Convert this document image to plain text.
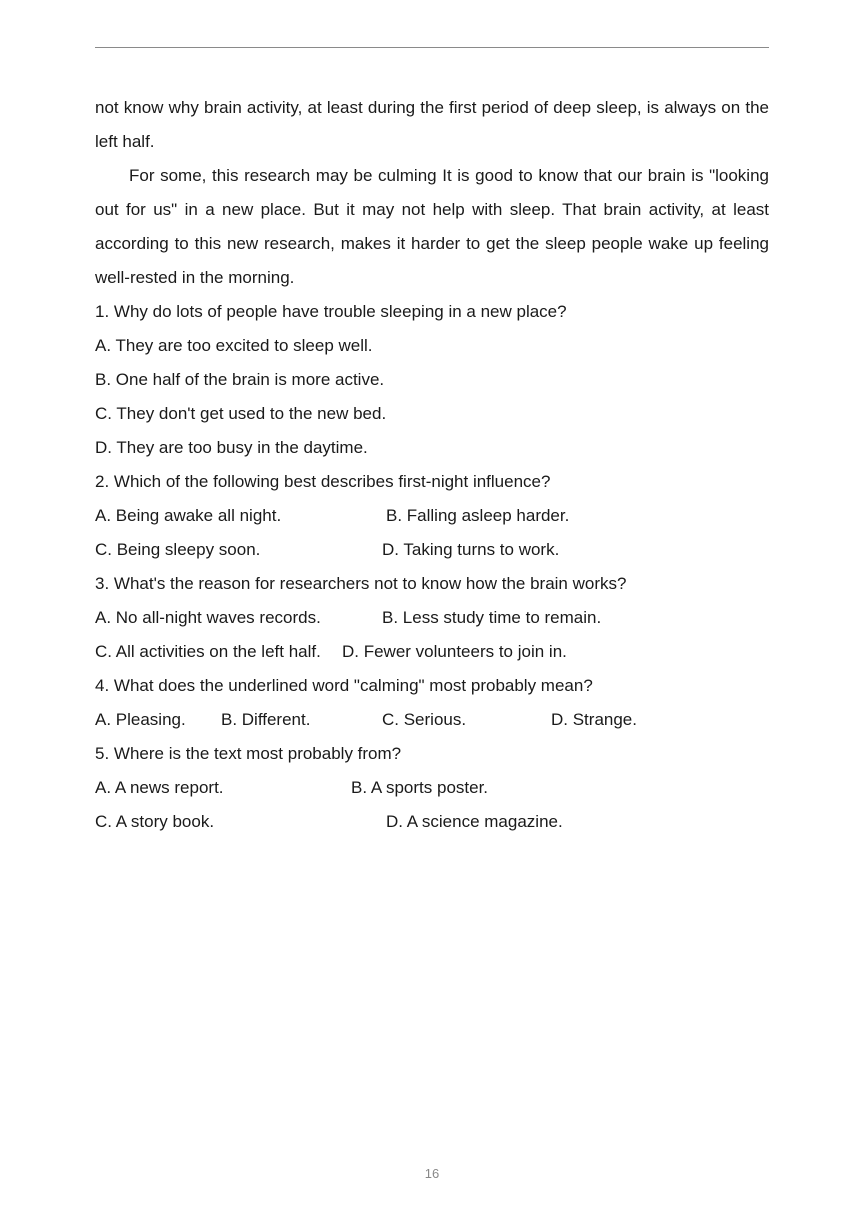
not know why brain activity, at least during the first period of deep sleep, is always on the left half.

For some, this research may be culming It is good to know that our brain is "looking out for us" in a new place. But it may not help with sleep. That brain activity, at least according to this new research, makes it harder to get the sleep people wake up feeling well-rested in the morning.

1. Why do lots of people have trouble sleeping in a new place?

A. They are too excited to sleep well.

B. One half of the brain is more active.

C. They don't get used to the new bed.

D. They are too busy in the daytime.

2. Which of the following best describes first-night influence?

A. Being awake all night.	B. Falling asleep harder.
C. Being sleepy soon.	D. Taking turns to work.

3. What's the reason for researchers not to know how the brain works?

A. No all-night waves records.	B. Less study time to remain.
C. All activities on the left half. D. Fewer volunteers to join in.

4. What does the underlined word "calming" most probably mean?

A. Pleasing. B. Different.	C. Serious.	D. Strange.

5. Where is the text most probably from?

A. A news report.	B. A sports poster.
C. A story book.	D. A science magazine.
16
